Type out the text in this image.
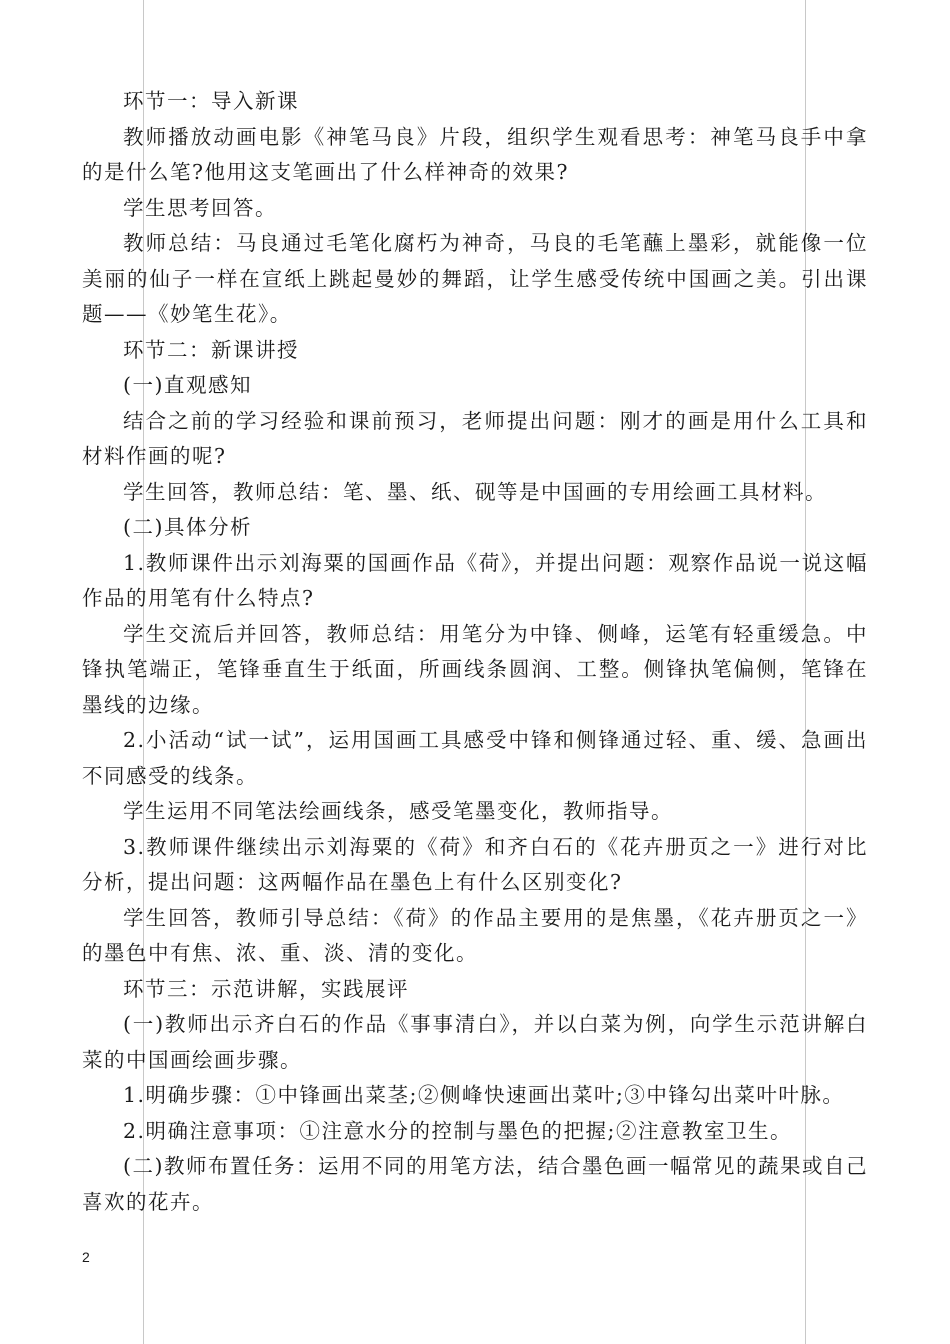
环节一：导入新课

教师播放动画电影《神笔马良》片段，组织学生观看思考：神笔马良手中拿的是什么笔?他用这支笔画出了什么样神奇的效果?

学生思考回答。

教师总结：马良通过毛笔化腐朽为神奇，马良的毛笔蘸上墨彩，就能像一位美丽的仙子一样在宣纸上跳起曼妙的舞蹈，让学生感受传统中国画之美。引出课题——《妙笔生花》。

环节二：新课讲授

(一)直观感知

结合之前的学习经验和课前预习，老师提出问题：刚才的画是用什么工具和材料作画的呢?

学生回答，教师总结：笔、墨、纸、砚等是中国画的专用绘画工具材料。

(二)具体分析

1.教师课件出示刘海粟的国画作品《荷》，并提出问题：观察作品说一说这幅作品的用笔有什么特点?

学生交流后并回答，教师总结：用笔分为中锋、侧峰，运笔有轻重缓急。中锋执笔端正，笔锋垂直生于纸面，所画线条圆润、工整。侧锋执笔偏侧，笔锋在墨线的边缘。

2.小活动“试一试”，运用国画工具感受中锋和侧锋通过轻、重、缓、急画出不同感受的线条。

学生运用不同笔法绘画线条，感受笔墨变化，教师指导。

3.教师课件继续出示刘海粟的《荷》和齐白石的《花卉册页之一》进行对比分析，提出问题：这两幅作品在墨色上有什么区别变化?

学生回答，教师引导总结：《荷》的作品主要用的是焦墨，《花卉册页之一》的墨色中有焦、浓、重、淡、清的变化。

环节三：示范讲解，实践展评

(一)教师出示齐白石的作品《事事清白》，并以白菜为例，向学生示范讲解白菜的中国画绘画步骤。

1.明确步骤：①中锋画出菜茎;②侧峰快速画出菜叶;③中锋勾出菜叶叶脉。

2.明确注意事项：①注意水分的控制与墨色的把握;②注意教室卫生。

(二)教师布置任务：运用不同的用笔方法，结合墨色画一幅常见的蔬果或自己喜欢的花卉。

2
